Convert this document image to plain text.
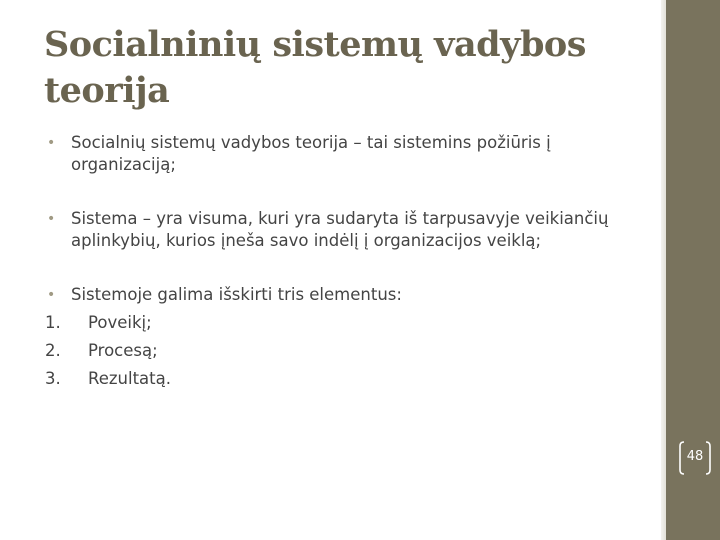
Socialninių sistemų vadybos teorija
• Socialnių sistemų vadybos teorija – tai sistemins požiūris į organizaciją;
• Sistema – yra visuma, kuri yra sudaryta iš tarpusavyje veikiančių aplinkybių, kurios įneša savo indėlį į organizacijos veiklą;
• Sistemoje galima išskirti tris elementus:
1. Poveikį;
2. Procesą;
3. Rezultatą.
48
